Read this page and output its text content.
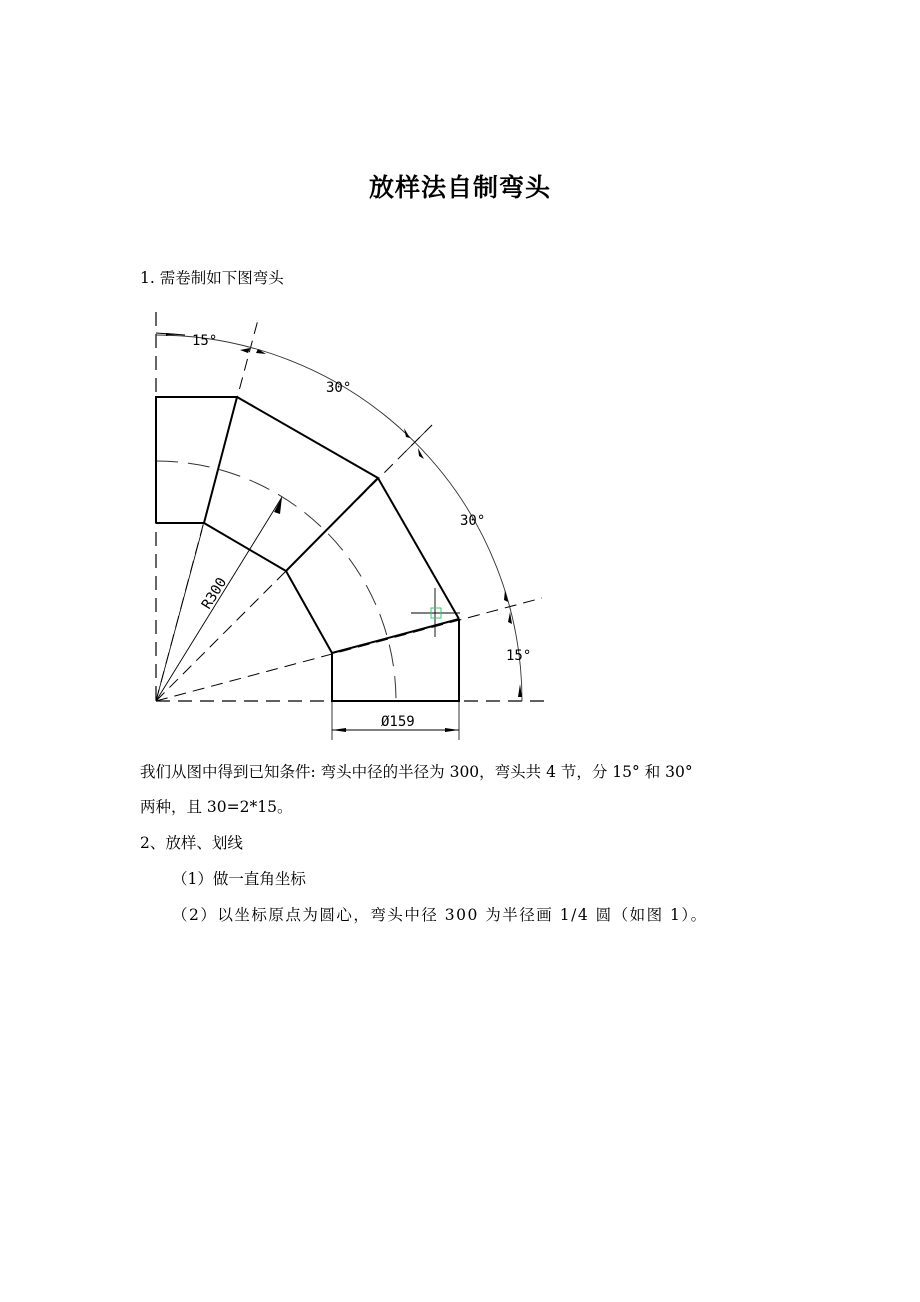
放样法自制弯头
1. 需卷制如下图弯头
15°
30°
30°
15°
R300
Ø159
我们从图中得到已知条件: 弯头中径的半径为 300，弯头共 4 节，分 15° 和 30°
两种，且 30=2*15。
2、放样、划线
（1）做一直角坐标
（2）以坐标原点为圆心，弯头中径 300 为半径画 1/4 圆（如图 1）。
